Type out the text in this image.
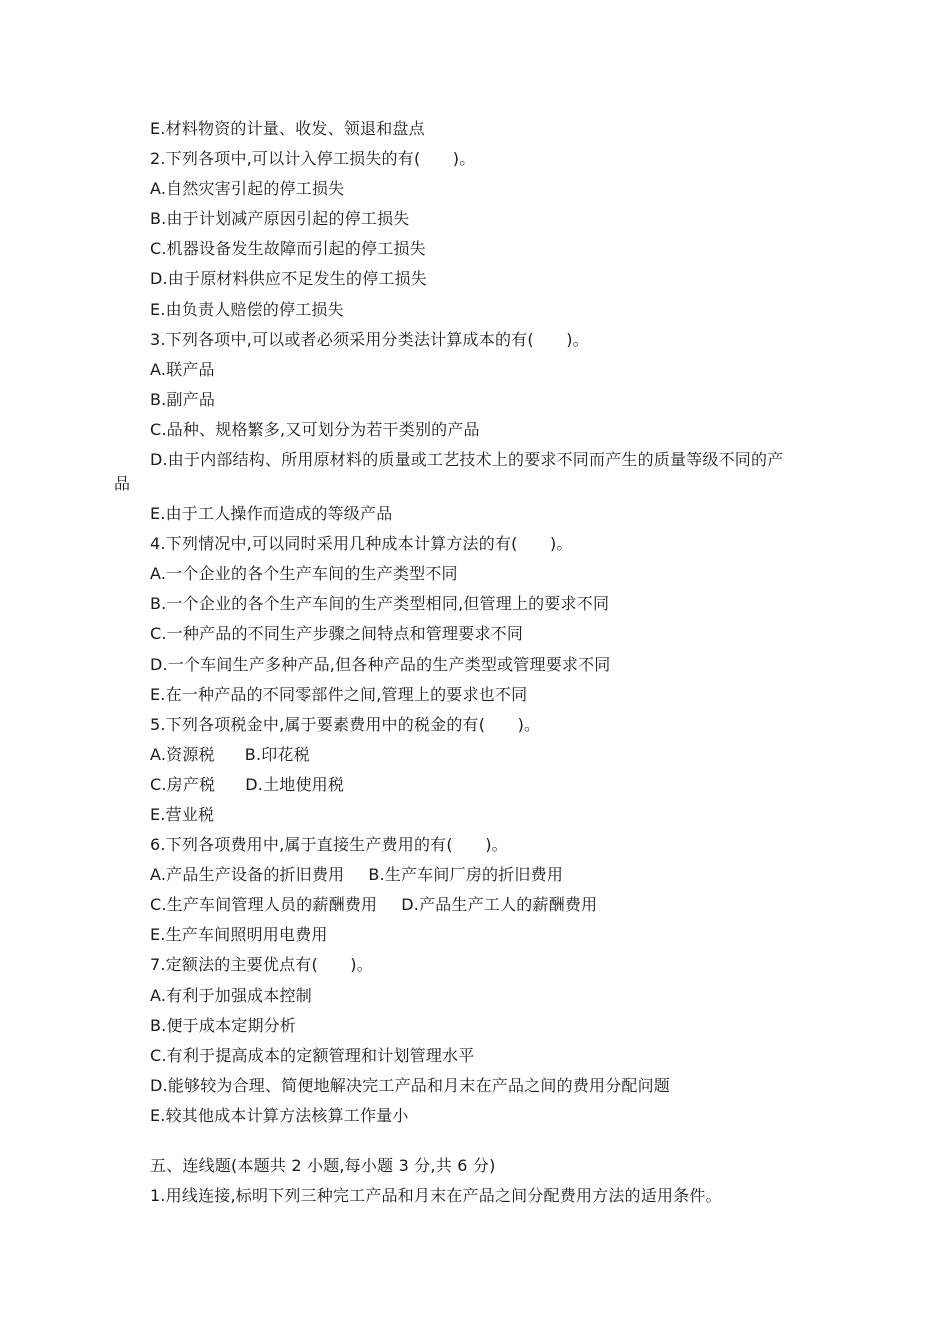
E.材料物资的计量、收发、领退和盘点
2.下列各项中,可以计入停工损失的有(　　)。
A.自然灾害引起的停工损失
B.由于计划减产原因引起的停工损失
C.机器设备发生故障而引起的停工损失
D.由于原材料供应不足发生的停工损失
E.由负责人赔偿的停工损失
3.下列各项中,可以或者必须采用分类法计算成本的有(　　)。
A.联产品
B.副产品
C.品种、规格繁多,又可划分为若干类别的产品
D.由于内部结构、所用原材料的质量或工艺技术上的要求不同而产生的质量等级不同的产
品
E.由于工人操作而造成的等级产品
4.下列情况中,可以同时采用几种成本计算方法的有(　　)。
A.一个企业的各个生产车间的生产类型不同
B.一个企业的各个生产车间的生产类型相同,但管理上的要求不同
C.一种产品的不同生产步骤之间特点和管理要求不同
D.一个车间生产多种产品,但各种产品的生产类型或管理要求不同
E.在一种产品的不同零部件之间,管理上的要求也不同
5.下列各项税金中,属于要素费用中的税金的有(　　)。
A.资源税 B.印花税
C.房产税 D.土地使用税
E.营业税
6.下列各项费用中,属于直接生产费用的有(　　)。
A.产品生产设备的折旧费用 B.生产车间厂房的折旧费用
C.生产车间管理人员的薪酬费用 D.产品生产工人的薪酬费用
E.生产车间照明用电费用
7.定额法的主要优点有(　　)。
A.有利于加强成本控制
B.便于成本定期分析
C.有利于提高成本的定额管理和计划管理水平
D.能够较为合理、简便地解决完工产品和月末在产品之间的费用分配问题
E.较其他成本计算方法核算工作量小
五、连线题(本题共 2 小题,每小题 3 分,共 6 分)
1.用线连接,标明下列三种完工产品和月末在产品之间分配费用方法的适用条件。
